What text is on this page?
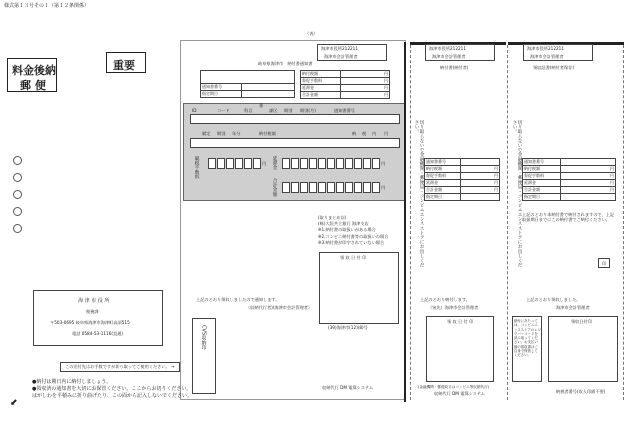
様式第１３号その１（第１２条関係）
（表）
料金後納
郵 便
重要
212211
海津市役所
海津市会計管理者
岐阜県海津市　納付書通知書
納付税額	円
督促手数料	円
延滞金	円
合計金額	円

通知書番号	
指定期日	
ID	コード	科目
番
課区 期別 期別(月)	通知書番号
賦定 期別 年分	納付税額	納 税 内 円
賦税手数料	円 延滞金	円
合計金額	円
(取りまとめ店)
(株)大垣共立銀行 海津支店
※1.納付書の取扱いがある場合
※2.コンビニ納付書等の取扱いの場合
※3.納付書が印字されていない場合
領 収 日 付 印
(39)海津市(12)(8)号
上記のとおり領収しましたので通知します。
（収納代行者)(海津市会計管理者）
CVS収納印
収納代行 DM 電算システム
海 津 市 役 所
税務課
〒503-0695 岐阜県海津市海津町高須515
電話 0584-53-1116(直通)
この送付先はお手数ですが切り取ってご使用ください。 →
●納付は期日内に納付しましょう。
●領収済の通知書を大切にお保管ください。ここからお切りください。
はがしわを平積みに折り曲げたり、この面から記入しないでください。
⬋
海津市役所 212211
海津市会計管理者
納付書(納付者)
切り取らないで金融機関・郵便局・コンビニエンスストアにお出しください。
通知書番号	
納付税額	円
督促手数料	円
延滞金	円
合計金額	円
指定期日	
上記のとおり納付します。
（宛先）海津市会計管理者
領 収 日 付 印
(金融機関・郵便局又はコンビニ等収納代行)
収納代行 DM 電算システム
海津市役所 212211
海津市会計管理者
領収証書(納付者保存)
切り取らないで金融機関・郵便局・コンビニエンスストアにお出しください。
通知書番号	
納付税額	円
督促手数料	円
延滞金	円
合計金額	円
指定期日	
上記のとおり本納付書で納付されますので、上記取扱期日までにこの納付書でご納付ください。
印
上記のとおり領収しました。
海津市会計管理者
納付にあたっては、コンビニエンスストアのレジでバーコードを読み取ってください。お支払い後の領収書はご自身で保管してください。
領収日付印
納税者番号(収入印紙不要)
